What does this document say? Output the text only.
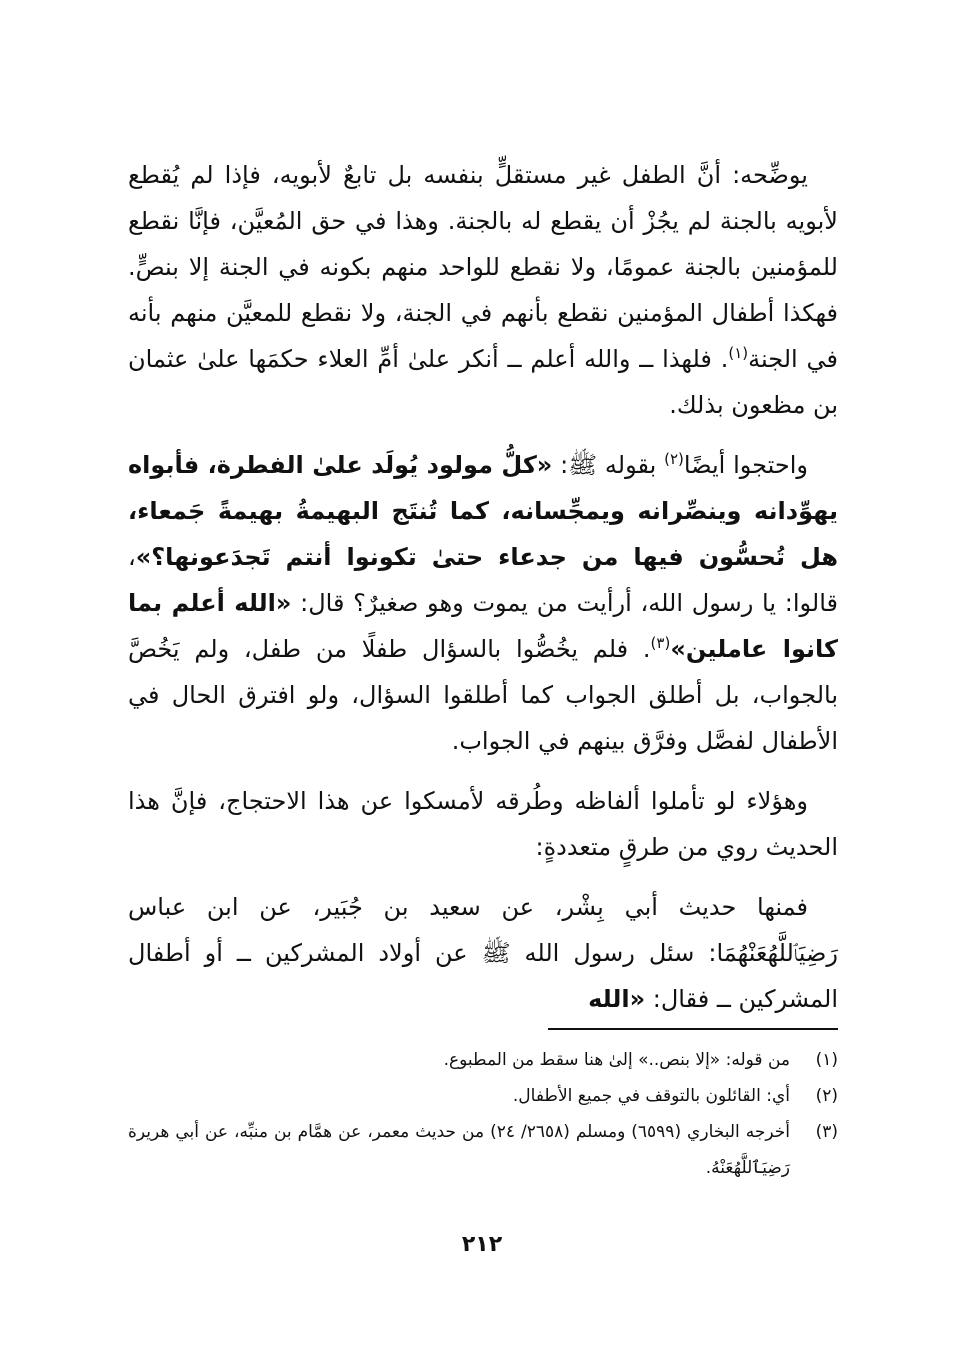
يوضِّحه: أنَّ الطفل غير مستقلٍّ بنفسه بل تابعٌ لأبويه، فإذا لم يُقطع لأبويه بالجنة لم يجُزْ أن يقطع له بالجنة. وهذا في حق المُعيَّن، فإنَّا نقطع للمؤمنين بالجنة عمومًا، ولا نقطع للواحد منهم بكونه في الجنة إلا بنصٍّ. فهكذا أطفال المؤمنين نقطع بأنهم في الجنة، ولا نقطع للمعيَّن منهم بأنه في الجنة$^{(١)}$. فلهذا ــ والله أعلم ــ أنكر علىٰ أمِّ العلاء حكمَها علىٰ عثمان بن مظعون بذلك.

واحتجوا أيضًا$^{(٢)}$ بقوله ﷺ: «كلُّ مولود يُولَد علىٰ الفطرة، فأبواه يهوِّدانه وينصِّرانه ويمجِّسانه، كما تُنتَج البهيمةُ بهيمةً جَمعاء، هل تُحسُّون فيها من جدعاء حتىٰ تكونوا أنتم تَجدَعونها؟»، قالوا: يا رسول الله، أرأيت من يموت وهو صغيرٌ؟ قال: «الله أعلم بما كانوا عاملين»$^{(٣)}$. فلم يخُصُّوا بالسؤال طفلًا من طفل، ولم يَخُصَّ بالجواب، بل أطلق الجواب كما أطلقوا السؤال، ولو افترق الحال في الأطفال لفصَّل وفرَّق بينهم في الجواب.

وهؤلاء لو تأملوا ألفاظه وطُرقه لأمسكوا عن هذا الاحتجاج، فإنَّ هذا الحديث روي من طرقٍ متعددةٍ:

فمنها حديث أبي بِشْر، عن سعيد بن جُبَير، عن ابن عباس رَضِيَٱللَّهُعَنْهُمَا: سئل رسول الله ﷺ عن أولاد المشركين ــ أو أطفال المشركين ــ فقال: «الله

(١)
من قوله: «إلا بنص..» إلىٰ هنا سقط من المطبوع.
(٢)
أي: القائلون بالتوقف في جميع الأطفال.
(٣)
أخرجه البخاري (٦٥٩٩) ومسلم (٢٦٥٨/ ٢٤) من حديث معمر، عن همَّام بن منبِّه، عن أبي هريرة رَضِيَٱللَّهُعَنْهُ.
٢١٢
